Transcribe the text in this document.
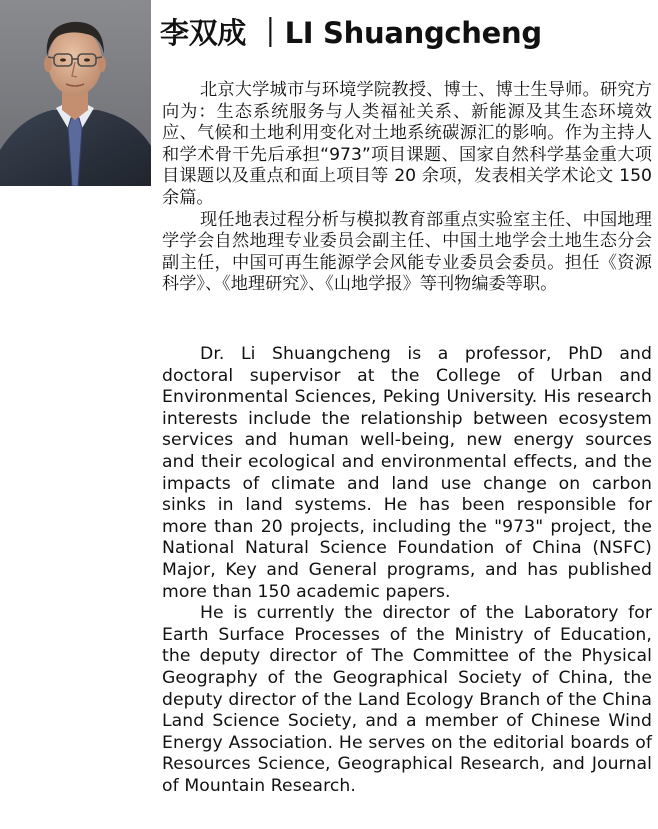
李双成 ｜LI Shuangcheng

北京大学城市与环境学院教授、博士、博士生导师。研究方向为：生态系统服务与人类福祉关系、新能源及其生态环境效应、气候和土地利用变化对土地系统碳源汇的影响。作为主持人和学术骨干先后承担“973”项目课题、国家自然科学基金重大项目课题以及重点和面上项目等 20 余项，发表相关学术论文 150 余篇。

现任地表过程分析与模拟教育部重点实验室主任、中国地理学学会自然地理专业委员会副主任、中国土地学会土地生态分会副主任，中国可再生能源学会风能专业委员会委员。担任《资源科学》、《地理研究》、《山地学报》等刊物编委等职。

Dr. Li Shuangcheng is a professor, PhD and doctoral supervisor at the College of Urban and Environmental Sciences, Peking University. His research interests include the relationship between ecosystem services and human well-being, new energy sources and their ecological and environmental effects, and the impacts of climate and land use change on carbon sinks in land systems. He has been responsible for more than 20 projects, including the "973" project, the National Natural Science Foundation of China (NSFC) Major, Key and General programs, and has published more than 150 academic papers.

He is currently the director of the Laboratory for Earth Surface Processes of the Ministry of Education, the deputy director of The Committee of the Physical Geography of the Geographical Society of China, the deputy director of the Land Ecology Branch of the China Land Science Society, and a member of Chinese Wind Energy Association. He serves on the editorial boards of Resources Science, Geographical Research, and Journal of Mountain Research.
